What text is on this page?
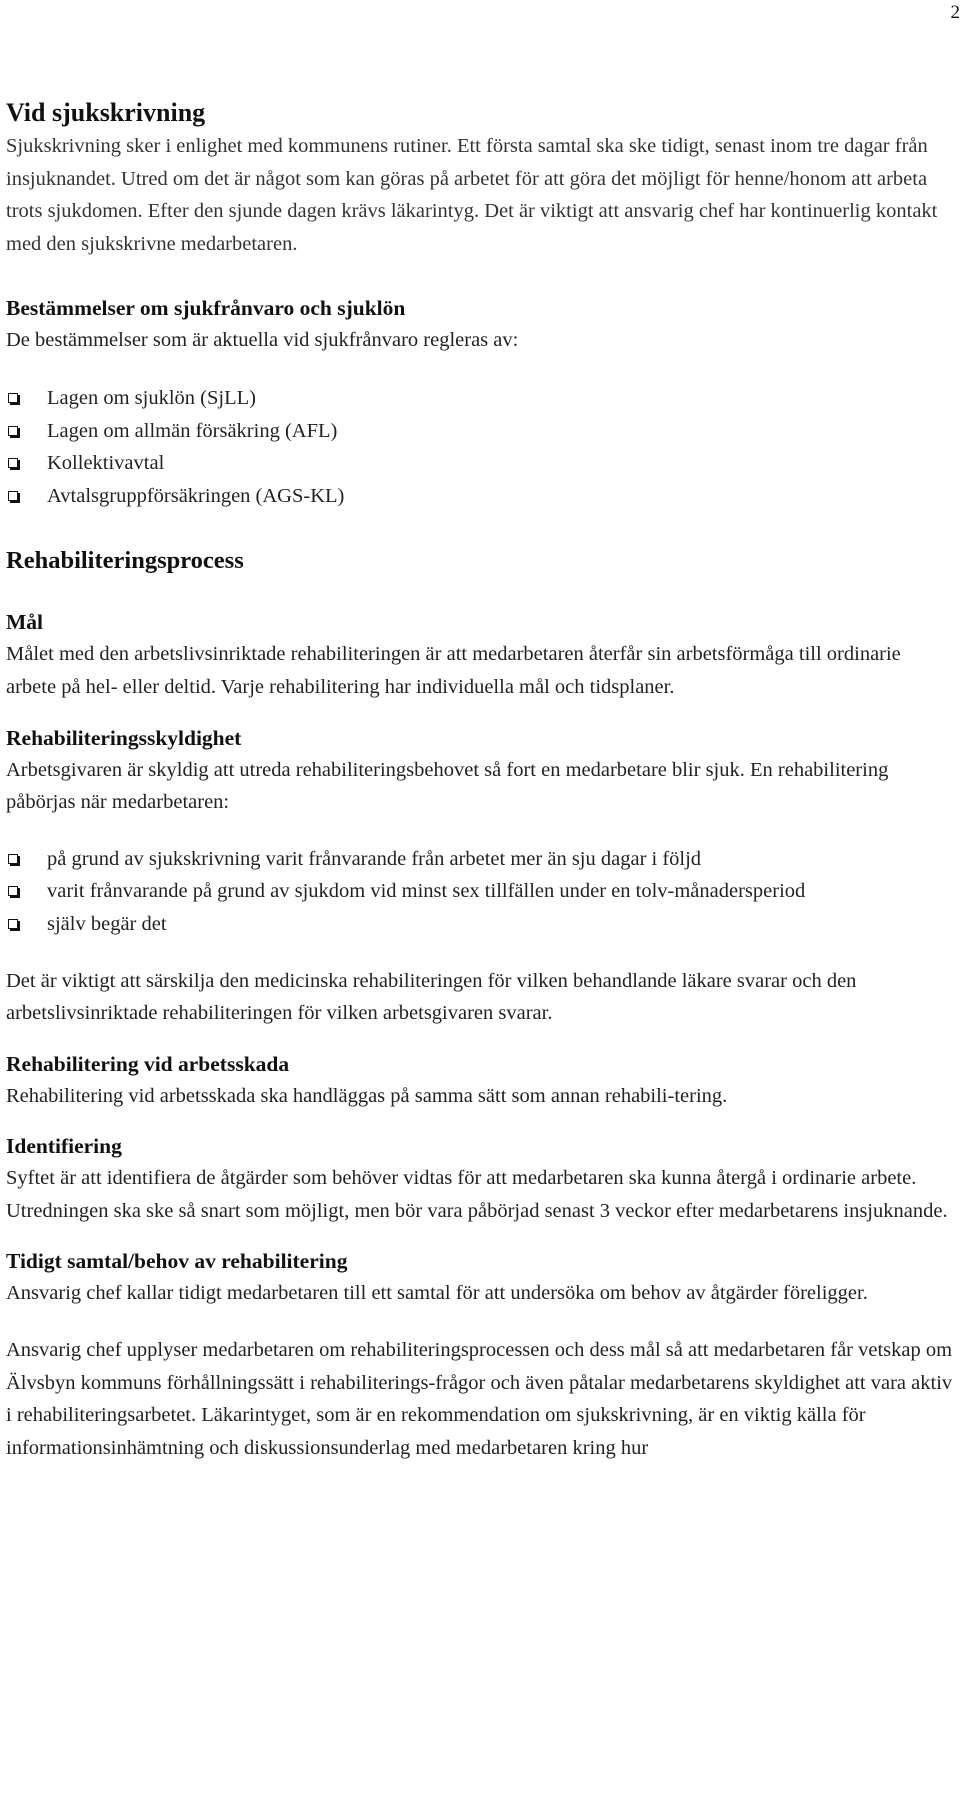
2
Vid sjukskrivning

Sjukskrivning sker i enlighet med kommunens rutiner. Ett första samtal ska ske tidigt, senast inom tre dagar från insjuknandet. Utred om det är något som kan göras på arbetet för att göra det möjligt för henne/honom att arbeta trots sjukdomen. Efter den sjunde dagen krävs läkarintyg. Det är viktigt att ansvarig chef har kontinuerlig kontakt med den sjukskrivne medarbetaren.

Bestämmelser om sjukfrånvaro och sjuklön

De bestämmelser som är aktuella vid sjukfrånvaro regleras av:

Lagen om sjuklön (SjLL)
Lagen om allmän försäkring (AFL)
Kollektivavtal
Avtalsgruppförsäkringen (AGS-KL)
Rehabiliteringsprocess
Mål

Målet med den arbetslivsinriktade rehabiliteringen är att medarbetaren återfår sin arbetsförmåga till ordinarie arbete på hel- eller deltid. Varje rehabilitering har individuella mål och tidsplaner.

Rehabiliteringsskyldighet

Arbetsgivaren är skyldig att utreda rehabiliteringsbehovet så fort en medarbetare blir sjuk. En rehabilitering påbörjas när medarbetaren:

på grund av sjukskrivning varit frånvarande från arbetet mer än sju dagar i följd
varit frånvarande på grund av sjukdom vid minst sex tillfällen under en tolv-månadersperiod
själv begär det

Det är viktigt att särskilja den medicinska rehabiliteringen för vilken behandlande läkare svarar och den arbetslivsinriktade rehabiliteringen för vilken arbetsgivaren svarar.

Rehabilitering vid arbetsskada

Rehabilitering vid arbetsskada ska handläggas på samma sätt som annan rehabili-tering.

Identifiering

Syftet är att identifiera de åtgärder som behöver vidtas för att medarbetaren ska kunna återgå i ordinarie arbete. Utredningen ska ske så snart som möjligt, men bör vara påbörjad senast 3 veckor efter medarbetarens insjuknande.

Tidigt samtal/behov av rehabilitering

Ansvarig chef kallar tidigt medarbetaren till ett samtal för att undersöka om behov av åtgärder föreligger.

Ansvarig chef upplyser medarbetaren om rehabiliteringsprocessen och dess mål så att medarbetaren får vetskap om Älvsbyn kommuns förhållningssätt i rehabiliterings-frågor och även påtalar medarbetarens skyldighet att vara aktiv i rehabiliteringsarbetet. Läkarintyget, som är en rekommendation om sjukskrivning, är en viktig källa för informationsinhämtning och diskussionsunderlag med medarbetaren kring hur
